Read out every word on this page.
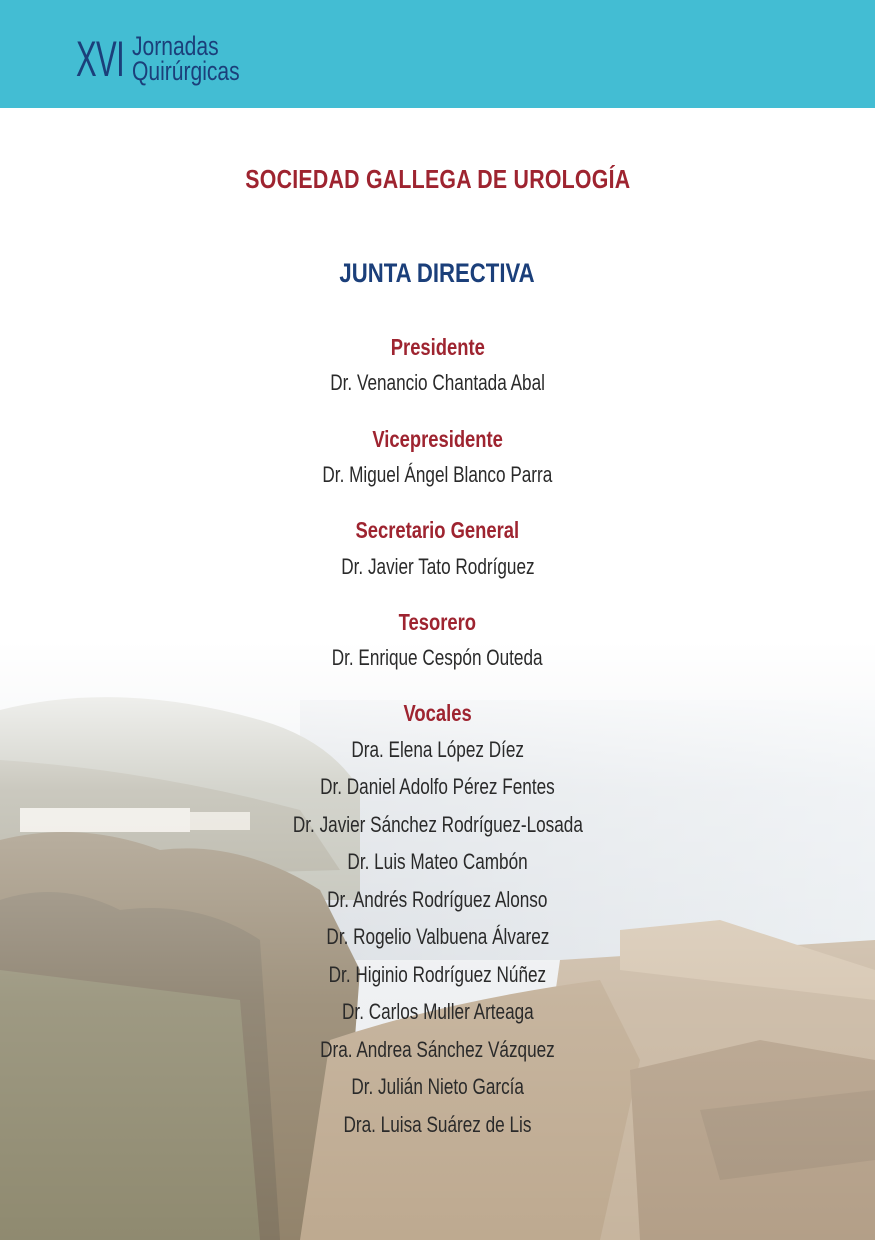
XVI Jornadas
Quirúrgicas
SOCIEDAD GALLEGA DE UROLOGÍA
JUNTA DIRECTIVA
Presidente
Dr. Venancio Chantada Abal
Vicepresidente
Dr. Miguel Ángel Blanco Parra
Secretario General
Dr. Javier Tato Rodríguez
Tesorero
Dr. Enrique Cespón Outeda
Vocales
Dra. Elena López Díez
Dr. Daniel Adolfo Pérez Fentes
Dr. Javier Sánchez Rodríguez-Losada
Dr. Luis Mateo Cambón
Dr. Andrés Rodríguez Alonso
Dr. Rogelio Valbuena Álvarez
Dr. Higinio Rodríguez Núñez
Dr. Carlos Muller Arteaga
Dra. Andrea Sánchez Vázquez
Dr. Julián Nieto García
Dra. Luisa Suárez de Lis
